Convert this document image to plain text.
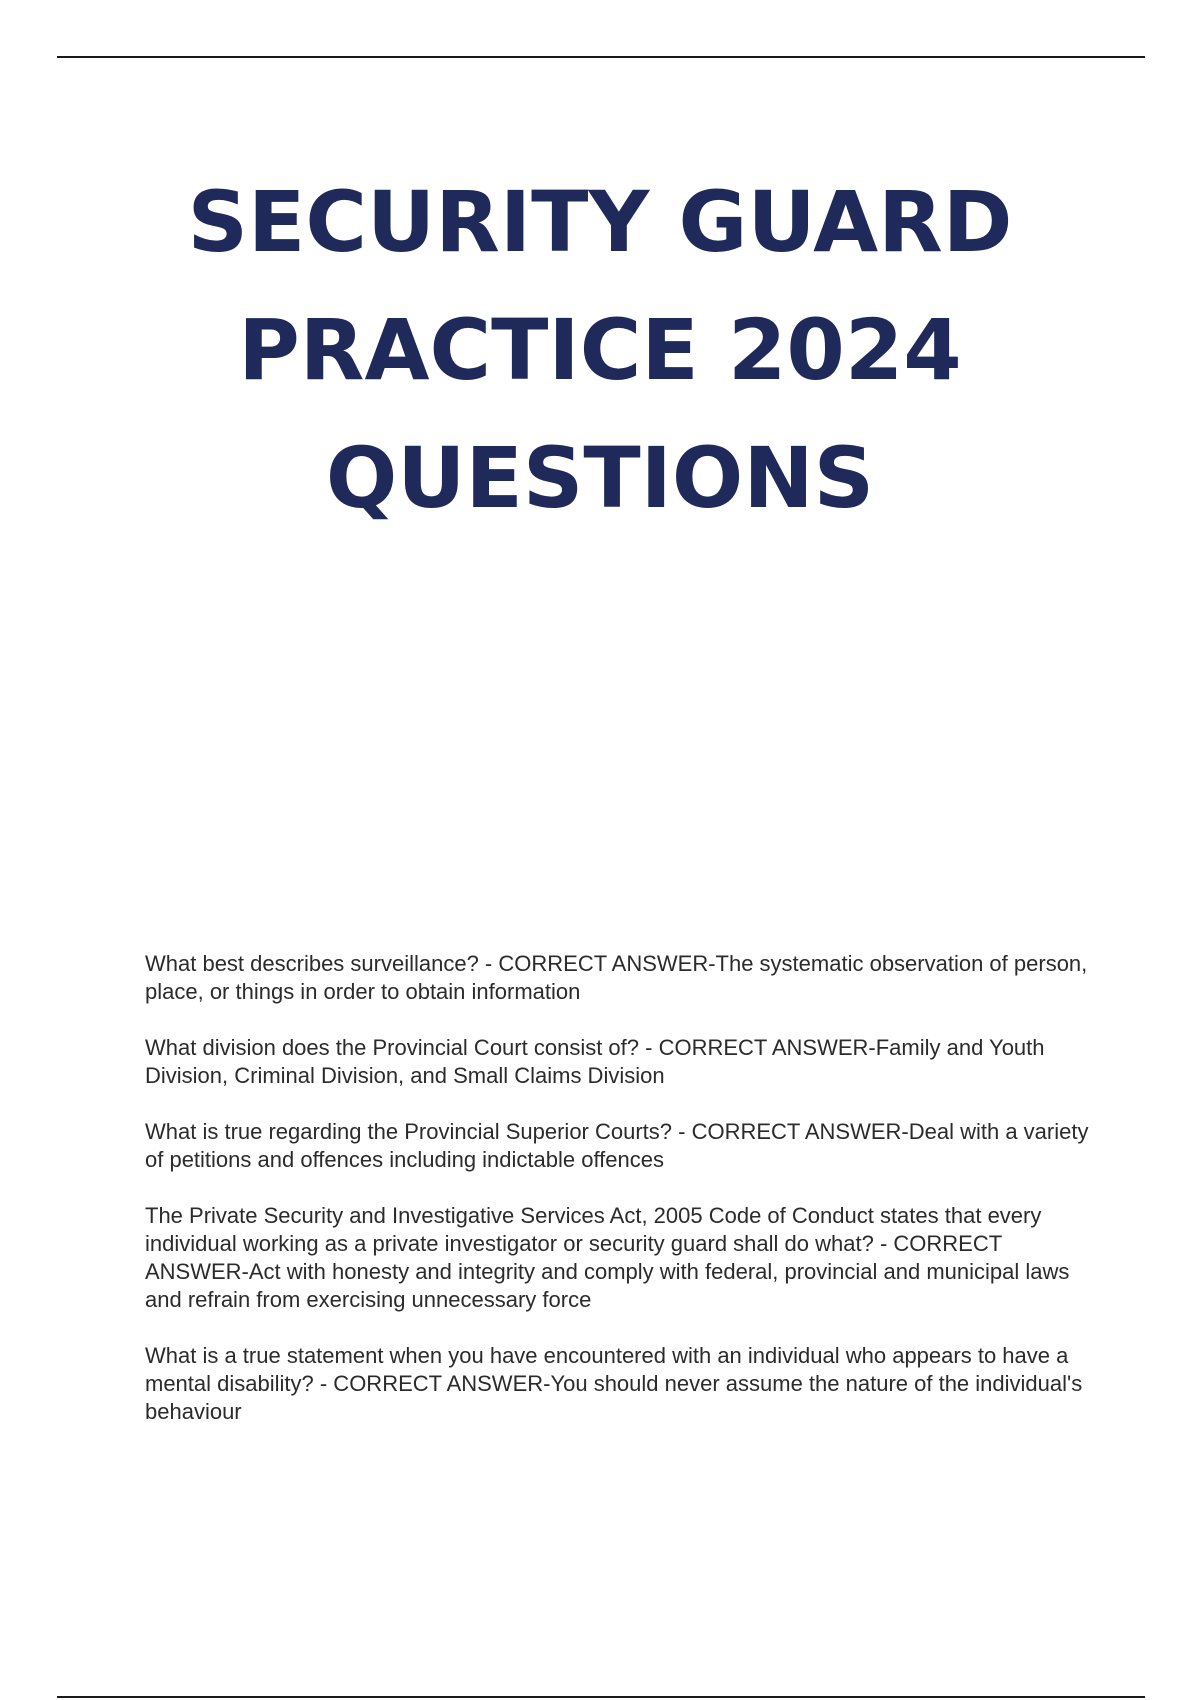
SECURITY GUARD
PRACTICE 2024
QUESTIONS

What best describes surveillance? - CORRECT ANSWER-The systematic observation of person, place, or things in order to obtain information

What division does the Provincial Court consist of? - CORRECT ANSWER-Family and Youth Division, Criminal Division, and Small Claims Division

What is true regarding the Provincial Superior Courts? - CORRECT ANSWER-Deal with a variety of petitions and offences including indictable offences

The Private Security and Investigative Services Act, 2005 Code of Conduct states that every individual working as a private investigator or security guard shall do what? - CORRECT ANSWER-Act with honesty and integrity and comply with federal, provincial and municipal laws and refrain from exercising unnecessary force

What is a true statement when you have encountered with an individual who appears to have a mental disability? - CORRECT ANSWER-You should never assume the nature of the individual's behaviour
